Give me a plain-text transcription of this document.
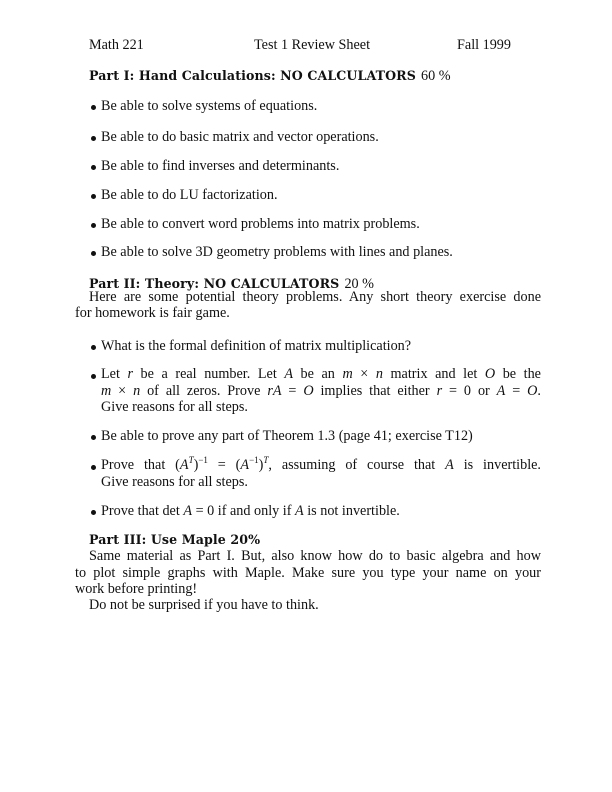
Math 221	Test 1 Review Sheet	Fall 1999
Part I: Hand Calculations: NO CALCULATORS 60 %
Be able to solve systems of equations.
Be able to do basic matrix and vector operations.
Be able to find inverses and determinants.
Be able to do LU factorization.
Be able to convert word problems into matrix problems.
Be able to solve 3D geometry problems with lines and planes.
Part II: Theory: NO CALCULATORS 20 %
Here are some potential theory problems. Any short theory exercise done
for homework is fair game.
What is the formal definition of matrix multiplication?
Let r be a real number. Let A be an m × n matrix and let O be the
m × n of all zeros. Prove rA = O implies that either r = 0 or A = O.
Give reasons for all steps.
Be able to prove any part of Theorem 1.3 (page 41; exercise T12)
Prove that $(A^T)^{-1} = (A^{-1})^T$, assuming of course that A is invertible.
Give reasons for all steps.
Prove that det A = 0 if and only if A is not invertible.
Part III: Use Maple 20%
Same material as Part I. But, also know how do to basic algebra and how
to plot simple graphs with Maple. Make sure you type your name on your
work before printing!
Do not be surprised if you have to think.
